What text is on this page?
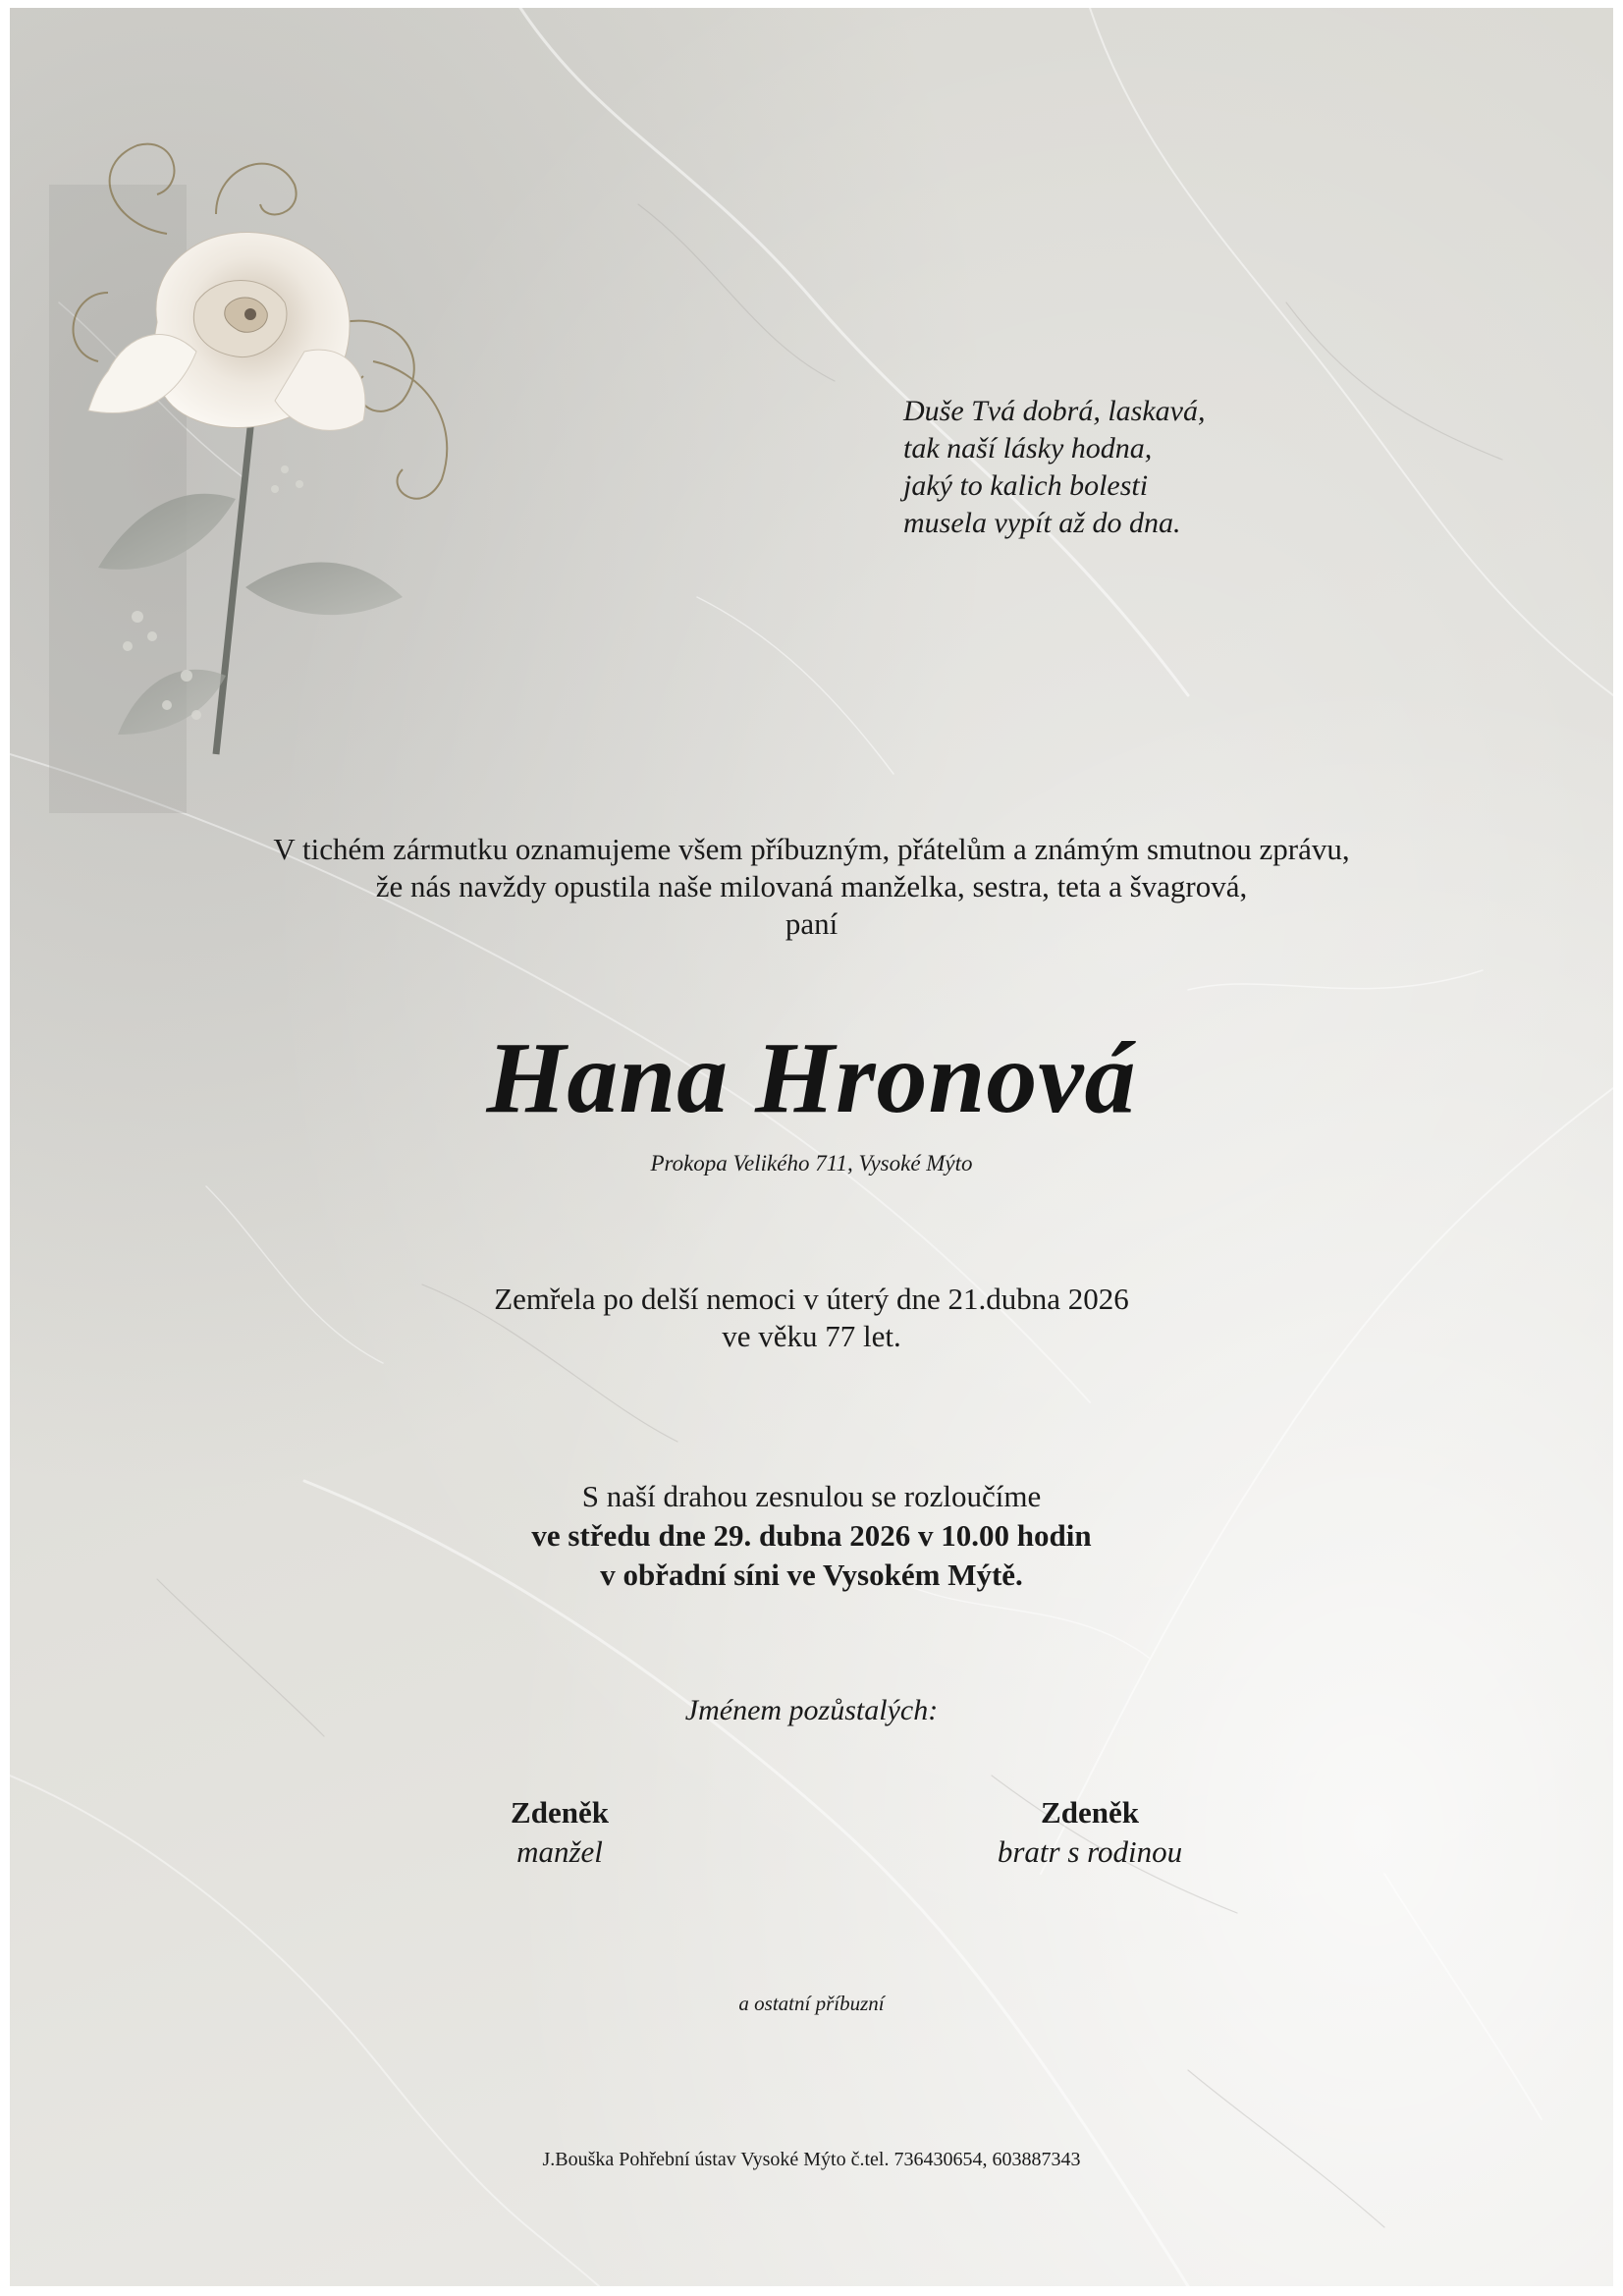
Duše Tvá dobrá, laskavá,
tak naší lásky hodna,
jaký to kalich bolesti
musela vypít až do dna.

V tichém zármutku oznamujeme všem příbuzným, přátelům a známým smutnou zprávu,
že nás navždy opustila naše milovaná manželka, sestra, teta a švagrová,
paní

Hana Hronová

Prokopa Velikého 711, Vysoké Mýto

Zemřela po delší nemoci v úterý dne 21.dubna 2026
ve věku 77 let.

S naší drahou zesnulou se rozloučíme
ve středu dne 29. dubna 2026 v 10.00 hodin
v obřadní síni ve Vysokém Mýtě.

Jménem pozůstalých:

Zdeněk
manžel
Zdeněk
bratr s rodinou

a ostatní příbuzní

J.Bouška Pohřební ústav Vysoké Mýto č.tel. 736430654, 603887343
